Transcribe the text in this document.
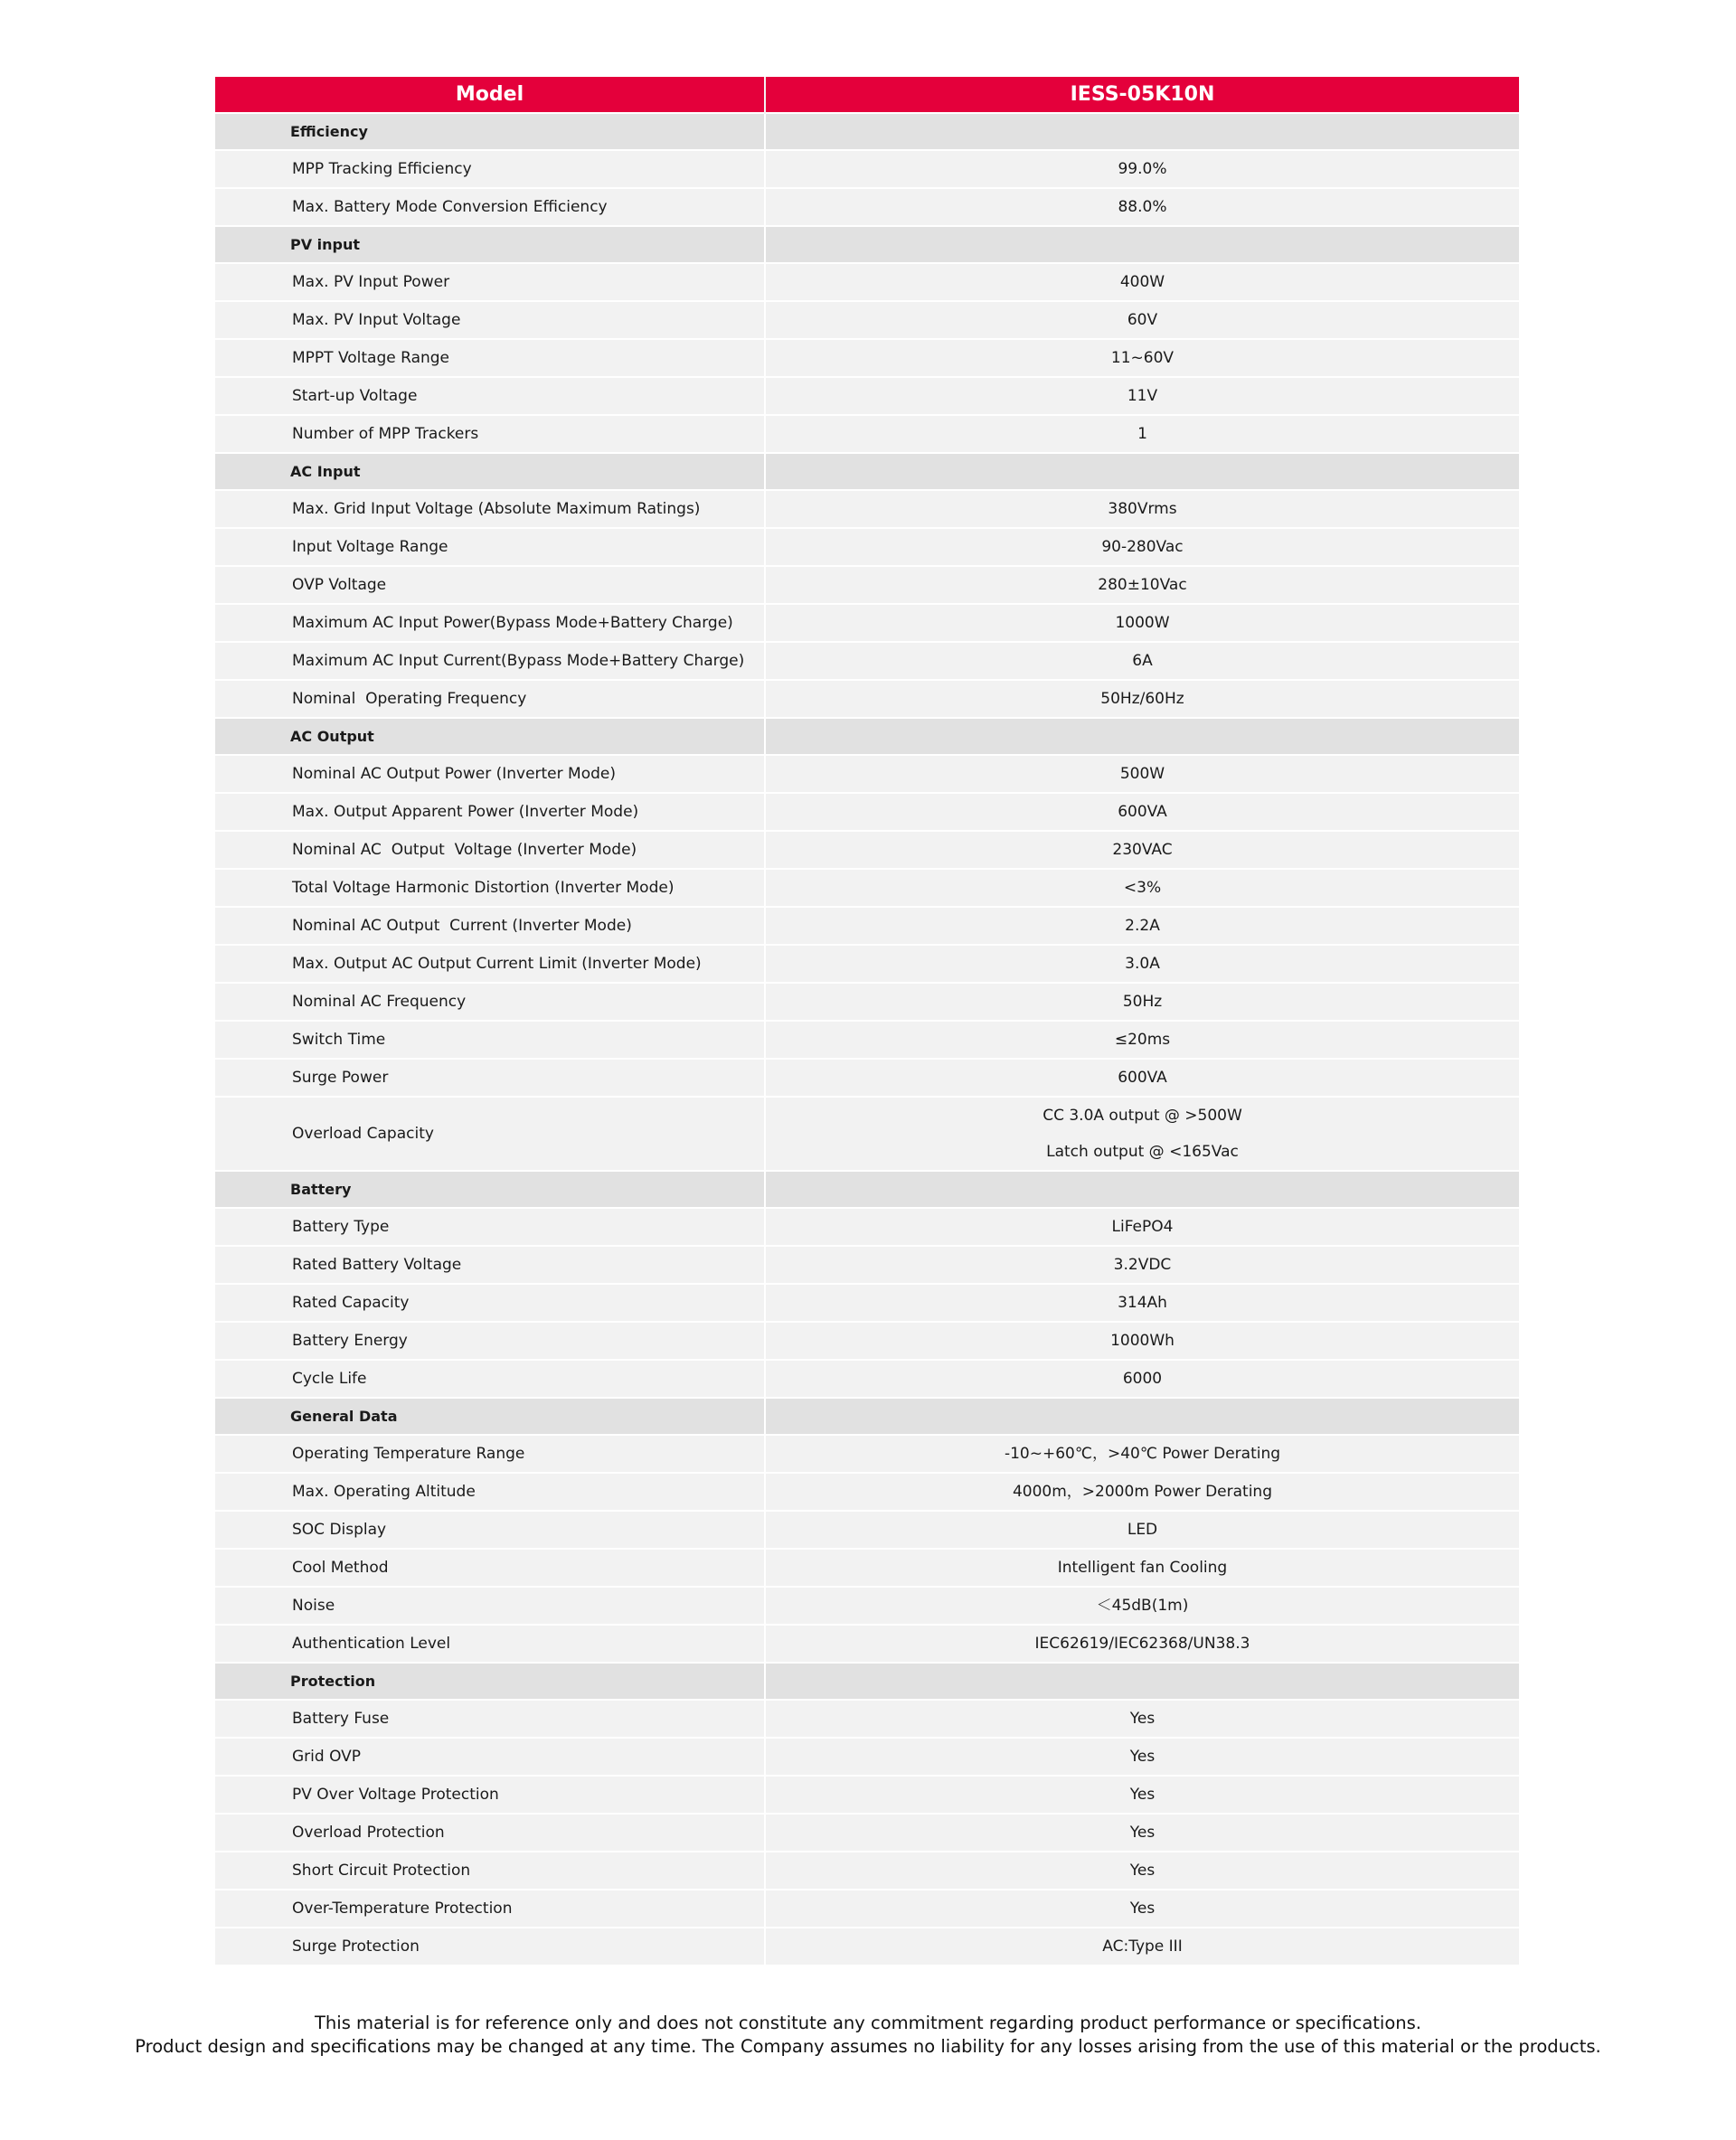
Model	IESS-05K10N
Efficiency	
MPP Tracking Efficiency	99.0%

Max. Battery Mode Conversion Efficiency	88.0%

PV input	
Max. PV Input Power	400W

Max. PV Input Voltage	60V

MPPT Voltage Range	11~60V

Start-up Voltage	11V

Number of MPP Trackers	1

AC Input	
Max. Grid Input Voltage (Absolute Maximum Ratings)	380Vrms

Input Voltage Range	90-280Vac

OVP Voltage	280±10Vac

Maximum AC Input Power(Bypass Mode+Battery Charge)	1000W

Maximum AC Input Current(Bypass Mode+Battery Charge)	6A

Nominal  Operating Frequency	50Hz/60Hz

AC Output	
Nominal AC Output Power (Inverter Mode)	500W

Max. Output Apparent Power (Inverter Mode)	600VA

Nominal AC  Output  Voltage (Inverter Mode)	230VAC

Total Voltage Harmonic Distortion (Inverter Mode)	<3%

Nominal AC Output  Current (Inverter Mode)	2.2A

Max. Output AC Output Current Limit (Inverter Mode)	3.0A

Nominal AC Frequency	50Hz

Switch Time	≤20ms

Surge Power	600VA

Overload Capacity	CC 3.0A output @ >500W
Latch output @ <165Vac

Battery	
Battery Type	LiFePO4

Rated Battery Voltage	3.2VDC

Rated Capacity	314Ah

Battery Energy	1000Wh

Cycle Life	6000

General Data	
Operating Temperature Range	-10~+60℃，>40℃ Power Derating

Max. Operating Altitude	4000m，>2000m Power Derating

SOC Display	LED

Cool Method	Intelligent fan Cooling

Noise	＜45dB(1m)

Authentication Level	IEC62619/IEC62368/UN38.3

Protection	
Battery Fuse	Yes

Grid OVP	Yes

PV Over Voltage Protection	Yes

Overload Protection	Yes

Short Circuit Protection	Yes

Over-Temperature Protection	Yes

Surge Protection	AC:Type III
This material is for reference only and does not constitute any commitment regarding product performance or specifications.
Product design and specifications may be changed at any time. The Company assumes no liability for any losses arising from the use of this material or the products.
